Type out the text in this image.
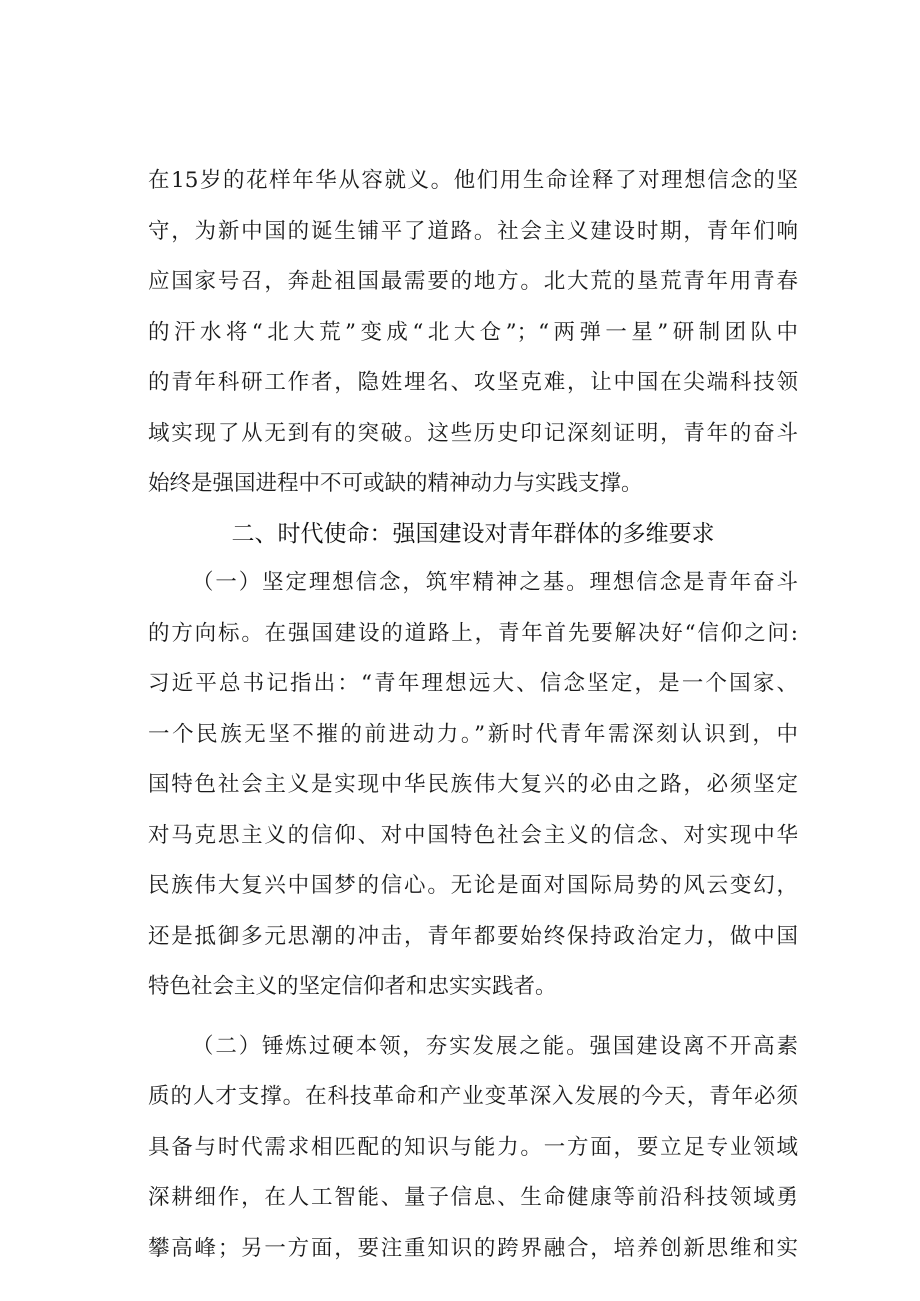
在15岁的花样年华从容就义。他们用生命诠释了对理想信念的坚
守，为新中国的诞生铺平了道路。社会主义建设时期，青年们响
应国家号召，奔赴祖国最需要的地方。北大荒的垦荒青年用青春
的汗水将“北大荒”变成“北大仓”；“两弹一星”研制团队中
的青年科研工作者，隐姓埋名、攻坚克难，让中国在尖端科技领
域实现了从无到有的突破。这些历史印记深刻证明，青年的奋斗
始终是强国进程中不可或缺的精神动力与实践支撑。
二、时代使命：强国建设对青年群体的多维要求
（一）坚定理想信念，筑牢精神之基。理想信念是青年奋斗
的方向标。在强国建设的道路上，青年首先要解决好“信仰之问:
习近平总书记指出：“青年理想远大、信念坚定，是一个国家、
一个民族无坚不摧的前进动力。”新时代青年需深刻认识到，中
国特色社会主义是实现中华民族伟大复兴的必由之路，必须坚定
对马克思主义的信仰、对中国特色社会主义的信念、对实现中华
民族伟大复兴中国梦的信心。无论是面对国际局势的风云变幻，
还是抵御多元思潮的冲击，青年都要始终保持政治定力，做中国
特色社会主义的坚定信仰者和忠实实践者。
（二）锤炼过硬本领，夯实发展之能。强国建设离不开高素
质的人才支撑。在科技革命和产业变革深入发展的今天，青年必须
具备与时代需求相匹配的知识与能力。一方面，要立足专业领域
深耕细作，在人工智能、量子信息、生命健康等前沿科技领域勇
攀高峰；另一方面，要注重知识的跨界融合，培养创新思维和实
